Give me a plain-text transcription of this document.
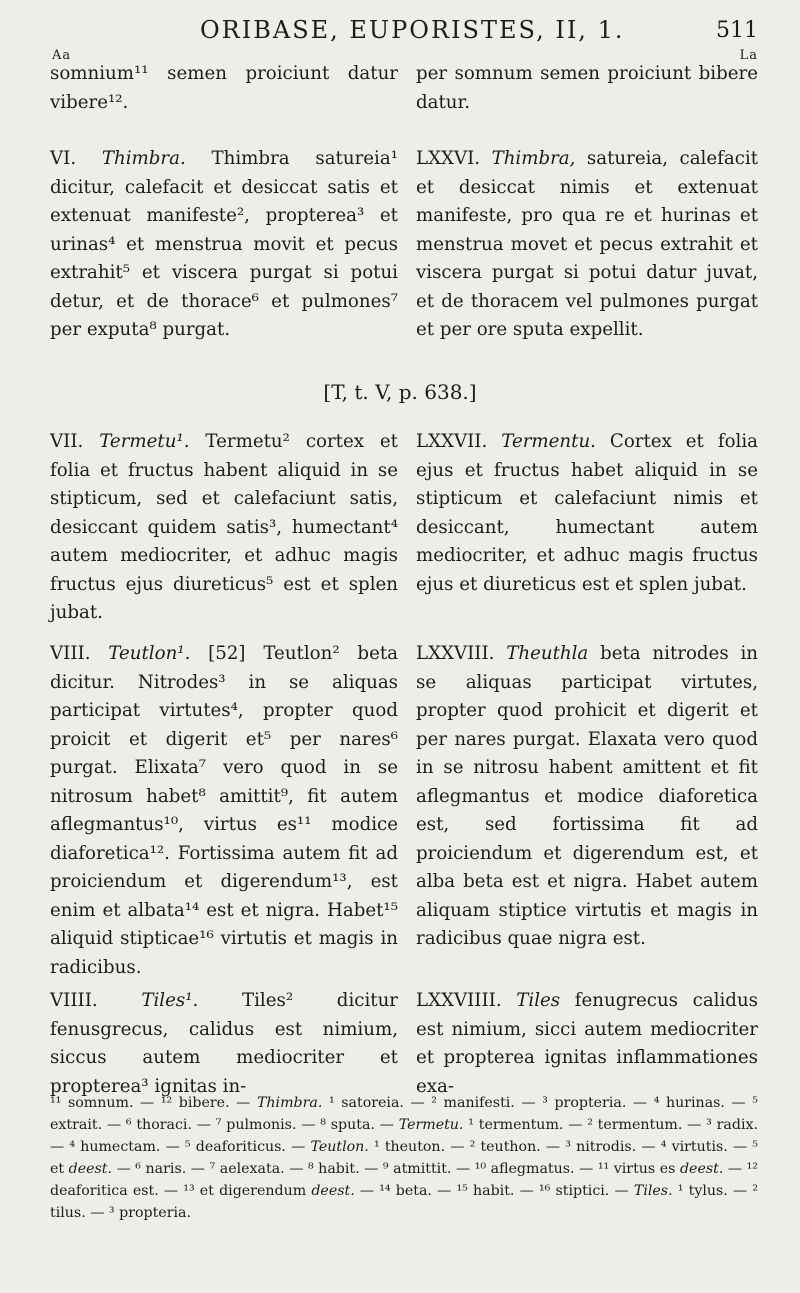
ORIBASE, EUPORISTES, II, 1.	511
Aa	La

somnium¹¹ semen proiciunt datur vibere¹².

VI. Thimbra. Thimbra satureia¹ dicitur, calefacit et desiccat satis et extenuat manifeste², propterea³ et urinas⁴ et menstrua movit et pecus extrahit⁵ et viscera purgat si potui detur, et de thorace⁶ et pulmones⁷ per exputa⁸ purgat.

VII. Termetu¹. Termetu² cortex et folia et fructus habent aliquid in se stipticum, sed et calefaciunt satis, desiccant quidem satis³, humectant⁴ autem mediocriter, et adhuc magis fructus ejus diureticus⁵ est et splen jubat.

VIII. Teutlon¹. [52] Teutlon² beta dicitur. Nitrodes³ in se aliquas participat virtutes⁴, propter quod proicit et digerit et⁵ per nares⁶ purgat. Elixata⁷ vero quod in se nitrosum habet⁸ amittit⁹, fit autem aflegmantus¹⁰, virtus es¹¹ modice diaforetica¹². Fortissima autem fit ad proiciendum et digerendum¹³, est enim et albata¹⁴ est et nigra. Habet¹⁵ aliquid stipticae¹⁶ virtutis et magis in radicibus.

VIIII. Tiles¹. Tiles² dicitur fenusgrecus, calidus est nimium, siccus autem mediocriter et propterea³ ignitas in-

per somnum semen proiciunt bibere datur.

LXXVI. Thimbra, satureia, calefacit et desiccat nimis et extenuat manifeste, pro qua re et hurinas et menstrua movet et pecus extrahit et viscera purgat si potui datur juvat, et de thoracem vel pulmones purgat et per ore sputa expellit.

LXXVII. Termentu. Cortex et folia ejus et fructus habet aliquid in se stipticum et calefaciunt nimis et desiccant, humectant autem mediocriter, et adhuc magis fructus ejus et diureticus est et splen jubat.

LXXVIII. Theuthla beta nitrodes in se aliquas participat virtutes, propter quod prohicit et digerit et per nares purgat. Elaxata vero quod in se nitrosu habent amittent et fit aflegmantus et modice diaforetica est, sed fortissima fit ad proiciendum et digerendum est, et alba beta est et nigra. Habet autem aliquam stiptice virtutis et magis in radicibus quae nigra est.

LXXVIIII. Tiles fenugrecus calidus est nimium, sicci autem mediocriter et propterea ignitas inflammationes exa-

[T, t. V, p. 638.]
¹¹ somnum. — ¹² bibere. — Thimbra. ¹ satoreia. — ² manifesti. — ³ propteria. — ⁴ hurinas. — ⁵ extrait. — ⁶ thoraci. — ⁷ pulmonis. — ⁸ sputa. — Termetu. ¹ termentum. — ² termentum. — ³ radix. — ⁴ humectam. — ⁵ deaforiticus. — Teutlon. ¹ theuton. — ² teuthon. — ³ nitrodis. — ⁴ virtutis. — ⁵ et deest. — ⁶ naris. — ⁷ aelexata. — ⁸ habit. — ⁹ atmittit. — ¹⁰ aflegmatus. — ¹¹ virtus es deest. — ¹² deaforitica est. — ¹³ et digerendum deest. — ¹⁴ beta. — ¹⁵ habit. — ¹⁶ stiptici. — Tiles. ¹ tylus. — ² tilus. — ³ propteria.
